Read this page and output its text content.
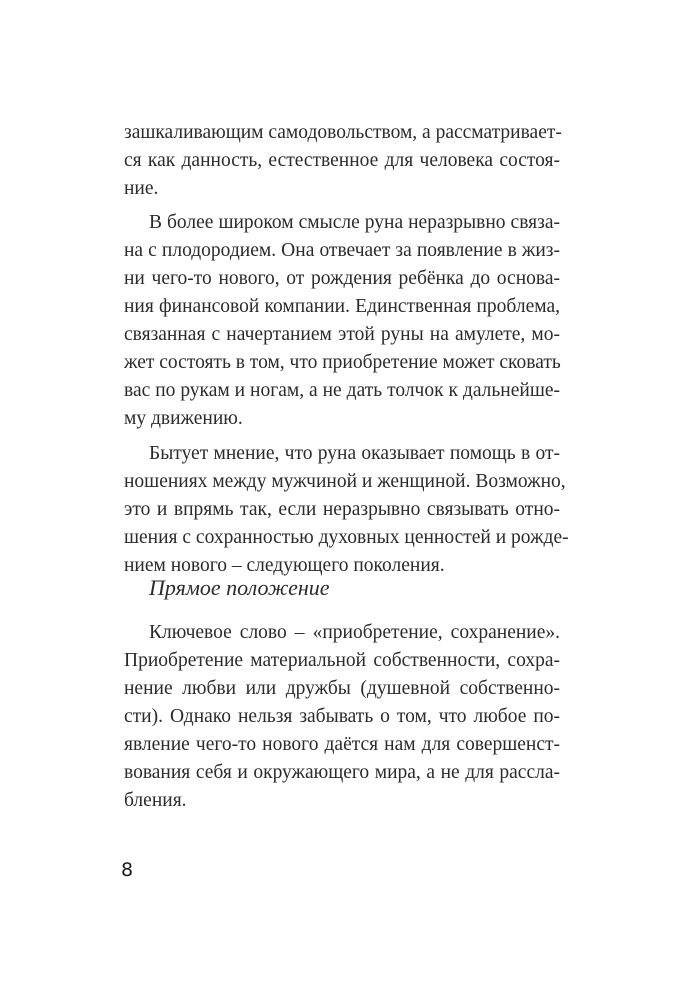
зашкаливающим самодовольством, а рассматривает-
ся как данность, естественное для человека состоя-
ние.
В более широком смысле руна неразрывно связа-
на с плодородием. Она отвечает за появление в жиз-
ни чего-то нового, от рождения ребёнка до основа-
ния финансовой компании. Единственная проблема,
связанная с начертанием этой руны на амулете, мо-
жет состоять в том, что приобретение может сковать
вас по рукам и ногам, а не дать толчок к дальнейше-
му движению.
Бытует мнение, что руна оказывает помощь в от-
ношениях между мужчиной и женщиной. Возможно,
это и впрямь так, если неразрывно связывать отно-
шения с сохранностью духовных ценностей и рожде-
нием нового – следующего поколения.
Прямое положение
Ключевое слово – «приобретение, сохранение».
Приобретение материальной собственности, сохра-
нение любви или дружбы (душевной собственно-
сти). Однако нельзя забывать о том, что любое по-
явление чего-то нового даётся нам для совершенст-
вования себя и окружающего мира, а не для рассла-
бления.
8
